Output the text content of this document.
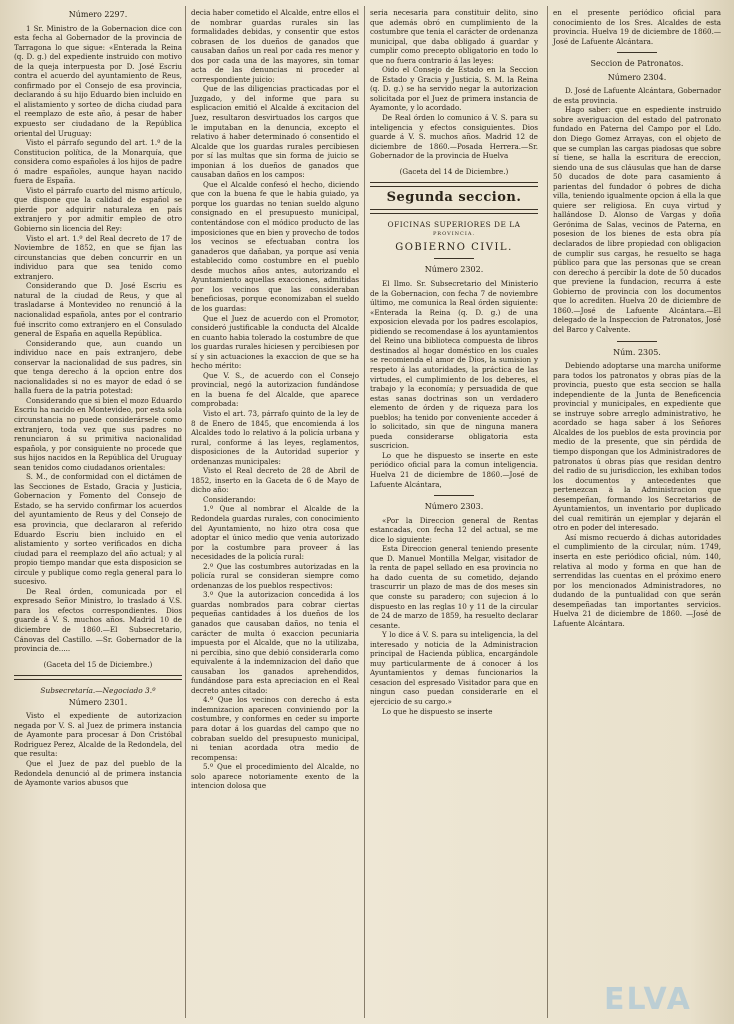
Número 2297.

1 Sr. Ministro de la Gobernacion dice con esta fecha al Gobernador de la provincia de Tarragona lo que sigue: «Enterada la Reina (q. D. g.) del expediente instruido con motivo de la queja interpuesta por D. José Escriu contra el acuerdo del ayuntamiento de Reus, confirmado por el Consejo de esa provincia, declarando á su hijo Eduardo bien incluido en el alistamiento y sorteo de dicha ciudad para el reemplazo de este año, á pesar de haber expuesto ser ciudadano de la República oriental del Uruguay:

Visto el párrafo segundo del art. 1.º de la Constitucion política, de la Monarquía, que considera como españoles á los hijos de padre ó madre españoles, aunque hayan nacido fuera de España.

Visto el párrafo cuarto del mismo artículo, que dispone que la calidad de español se pierde por adquirir naturaleza en país extranjero y por admitir empleo de otro Gobierno sin licencia del Rey:

Visto el art. 1.º del Real decreto de 17 de Noviembre de 1852, en que se fijan las circunstancias que deben concurrir en un individuo para que sea tenido como extranjero.

Considerando que D. José Escriu es natural de la ciudad de Reus, y que al trasladarse á Montevideo no renunció á la nacionalidad española, antes por el contrario fué inscrito como extranjero en el Consulado general de España en aquella República.

Considerando que, aun cuando un individuo nace en país extranjero, debe conservar la nacionalidad de sus padres, sin que tenga derecho á la opcion entre dos nacionalidades si no es mayor de edad ó se halla fuera de la patria potestad:

Considerando que si bien el mozo Eduardo Escriu ha nacido en Montevideo, por esta sola circunstancia no puede considerársele como extranjero, toda vez que sus padres no renunciaron á su primitiva nacionalidad española, y por consiguiente no procede que sus hijos nacidos en la República del Uruguay sean tenidos como ciudadanos orientales:

S. M., de conformidad con el dictámen de las Secciones de Estado, Gracia y Justicia, Gobernacion y Fomento del Consejo de Estado, se ha servido confirmar los acuerdos del ayuntamiento de Reus y del Consejo de esa provincia, que declararon al referido Eduardo Escriu bien incluido en el alistamiento y sorteo verificados en dicha ciudad para el reemplazo del año actual; y al propio tiempo mandar que esta disposicion se circule y publique como regla general para lo sucesivo.

De Real órden, comunicada por el expresado Señor Ministro, lo traslado á V.S. para los efectos correspondientes. Dios guarde á V. S. muchos años. Madrid 10 de diciembre de 1860.—El Subsecretario, Cánovas del Castillo. —Sr. Gobernador de la provincia de.....

(Gaceta del 15 de Diciembre.)

Subsecretaría.—Negociado 3.º

Número 2301.

Visto el expediente de autorizacion negada por V. S. al Juez de primera instancia de Ayamonte para procesar á Don Cristóbal Rodriguez Perez, Alcalde de la Redondela, del que resulta:

Que el Juez de paz del pueblo de la Redondela denunció al de primera instancia de Ayamonte varios abusos que

decia haber cometido el Alcalde, entre ellos el de nombrar guardas rurales sin las formalidades debidas, y consentir que estos cobrasen de los dueños de ganados que causaban daños un real por cada res menor y dos por cada una de las mayores, sin tomar acta de las denuncias ni proceder al correspondiente juicio:

Que de las diligencias practicadas por el Juzgado, y del informe que para su esplicacion emitió el Alcalde á excitacion del Juez, resultaron desvirtuados los cargos que le imputaban en la denuncia, excepto el relativo á haber determinado ó consentido el Alcalde que los guardas rurales percibiesen por sí las multas que sin forma de juicio se imponian á los dueños de ganados que causaban daños en los campos:

Que el Alcalde confesó el hecho, diciendo que con la buena fe que le habia guiado, ya porque los guardas no tenian sueldo alguno consignado en el presupuesto municipal, contentándose con el módico producto de las imposiciones que en bien y provecho de todos los vecinos se efectuaban contra los ganaderos que dañaban, ya porque así venia establecido como costumbre en el pueblo desde muchos años antes, autorizando el Ayuntamiento aquellas exacciones, admitidas por los vecinos que las consideraban beneficiosas, porque economizaban el sueldo de los guardas:

Que el Juez de acuerdo con el Promotor, consideró justificable la conducta del Alcalde en cuanto habia tolerado la costumbre de que los guardas rurales hiciesen y percibiesen por sí y sin actuaciones la exaccion de que se ha hecho mérito:

Que V. S., de acuerdo con el Consejo provincial, negó la autorizacion fundándose en la buena fe del Alcalde, que aparece comprobada:

Visto el art. 73, párrafo quinto de la ley de 8 de Enero de 1845, que encomienda á los Alcaldes todo lo relativo á la policía urbana y rural, conforme á las leyes, reglamentos, disposiciones de la Autoridad superior y ordenanzas municipales:

Visto el Real decreto de 28 de Abril de 1852, inserto en la Gaceta de 6 de Mayo de dicho año:

Considerando:

1.º Que al nombrar el Alcalde de la Redondela guardas rurales, con conocimiento del Ayuntamiento, no hizo otra cosa que adoptar el único medio que venia autorizado por la costumbre para proveer á las necesidades de la policía rural:

2.º Que las costumbres autorizadas en la policía rural se consideran siempre como ordenanzas de los pueblos respectivos:

3.º Que la autorizacion concedida á los guardas nombrados para cobrar ciertas pequeñas cantidades á los dueños de los ganados que causaban daños, no tenia el carácter de multa ó exaccion pecuniaria impuesta por el Alcalde, que no la utilizaba, ni percibia, sino que debió considerarla como equivalente á la indemnizacion del daño que causaban los ganados aprehendidos, fundándose para esta apreciacion en el Real decreto antes citado:

4.º Que los vecinos con derecho á esta indemnizacion aparecen conviniendo por la costumbre, y conformes en ceder su importe para dotar á los guardas del campo que no cobraban sueldo del presupuesto municipal, ni tenian acordada otra medio de recompensa:

5.º Que el procedimiento del Alcalde, no solo aparece notoriamente exento de la intencion dolosa que

seria necesaria para constituir delito, sino que además obró en cumplimiento de la costumbre que tenia el carácter de ordenanza municipal, que daba obligado á guardar y cumplir como precepto obligatorio en todo lo que no fuera contrario á las leyes:

Oido el Consejo de Estado en la Seccion de Estado y Gracia y Justicia, S. M. la Reina (q. D. g.) se ha servido negar la autorizacion solicitada por el Juez de primera instancia de Ayamonte, y lo acordado.

De Real órden lo comunico á V. S. para su inteligencia y efectos consiguientes. Dios guarde á V. S. muchos años. Madrid 12 de diciembre de 1860.—Posada Herrera.—Sr. Gobernador de la provincia de Huelva

(Gaceta del 14 de Diciembre.)

Segunda seccion.
OFICINAS SUPERIORES DE LA
PROVINCIA.
GOBIERNO CIVIL.

Número 2302.

El Ilmo. Sr. Subsecretario del Ministerio de la Gobernacion, con fecha 7 de noviembre último, me comunica la Real órden siguiente: «Enterada la Reina (q. D. g.) de una exposicion elevada por los padres escolapios, pidiendo se recomendase á los ayuntamientos del Reino una biblioteca compuesta de libros destinados al hogar doméstico en los cuales se recomienda el amor de Dios, la sumision y respeto á las autoridades, la práctica de las virtudes, el cumplimiento de los deberes, el trabajo y la economía; y persuadida de que estas sanas doctrinas son un verdadero elemento de órden y de riqueza para los pueblos; ha tenido por conveniente acceder á lo solicitado, sin que de ninguna manera pueda considerarse obligatoria esta suscricion.

Lo que he dispuesto se inserte en este periódico oficial para la comun inteligencia. Huelva 21 de diciembre de 1860.—José de Lafuente Alcántara,

Número 2303.

«Por la Direccion general de Rentas estancadas, con fecha 12 del actual, se me dice lo siguiente:

Esta Direccion general teniendo presente que D. Manuel Montilla Melgar, visitador de la renta de papel sellado en esa provincia no ha dado cuenta de su cometido, dejando trascurrir un plazo de mas de dos meses sin que conste su paradero; con sujecion á lo dispuesto en las reglas 10 y 11 de la circular de 24 de marzo de 1859, ha resuelto declarar cesante.

Y lo dice á V. S. para su inteligencia, la del interesado y noticia de la Administracion principal de Hacienda pública, encargándole muy particularmente de á conocer á los Ayuntamientos y demas funcionarios la cesacion del espresado Visitador para que en ningun caso puedan considerarle en el ejercicio de su cargo.»

Lo que he dispuesto se inserte

en el presente periódico oficial para conocimiento de los Sres. Alcaldes de esta provincia. Huelva 19 de diciembre de 1860.—José de Lafuente Alcántara.

Seccion de Patronatos.

Número 2304.

D. José de Lafuente Alcántara, Gobernador de esta provincia.

Hago saber: que en espediente instruido sobre averiguacion del estado del patronato fundado en Paterna del Campo por el Ldo. don Diego Gomez Arrayas, con el objeto de que se cumplan las cargas piadosas que sobre sí tiene, se halla la escritura de ereccion, siendo una de sus cláusulas que han de darse 50 ducados de dote para casamiento á parientas del fundador ó pobres de dicha villa, teniendo igualmente opcion á ella la que quiere ser religiosa. En cuya virtud y hallándose D. Alonso de Vargas y doña Gerónima de Salas, vecinos de Paterna, en posesion de los bienes de esta obra pía declarados de libre propiedad con obligacion de cumplir sus cargas, he resuelto se haga público para que las personas que se crean con derecho á percibir la dote de 50 ducados que previene la fundacion, recurra á este Gobierno de provincia con los documentos que lo acrediten. Huelva 20 de diciembre de 1860.—José de Lafuente Alcántara.—El delegado de la Inspeccion de Patronatos, José del Barco y Calvente.

Núm. 2305.

Debiendo adoptarse una marcha uniforme para todos los patronatos y obras pías de la provincia, puesto que esta seccion se halla independiente de la Junta de Beneficencia provincial y municipales, en expediente que se instruye sobre arreglo administrativo, he acordado se haga saber á los Señores Alcaldes de los pueblos de esta provincia por medio de la presente, que sin pérdida de tiempo dispongan que los Administradores de patronatos ú obras pías que residan dentro del radio de su jurisdiccion, les exhiban todos los documentos y antecedentes que pertenezcan á la Administracion que desempeñan, formando los Secretarios de Ayuntamientos, un inventario por duplicado del cual remitirán un ejemplar y dejarán el otro en poder del interesado.

Así mismo recuerdo á dichas autoridades el cumplimiento de la circular, núm. 1749, inserta en este periódico oficial, núm. 140, relativa al modo y forma en que han de serrendidas las cuentas en el próximo enero por los mencionados Administradores, no dudando de la puntualidad con que serán desempeñadas tan importantes servicios. Huelva 21 de diciembre de 1860. —José de Lafuente Alcántara.

ELVA
